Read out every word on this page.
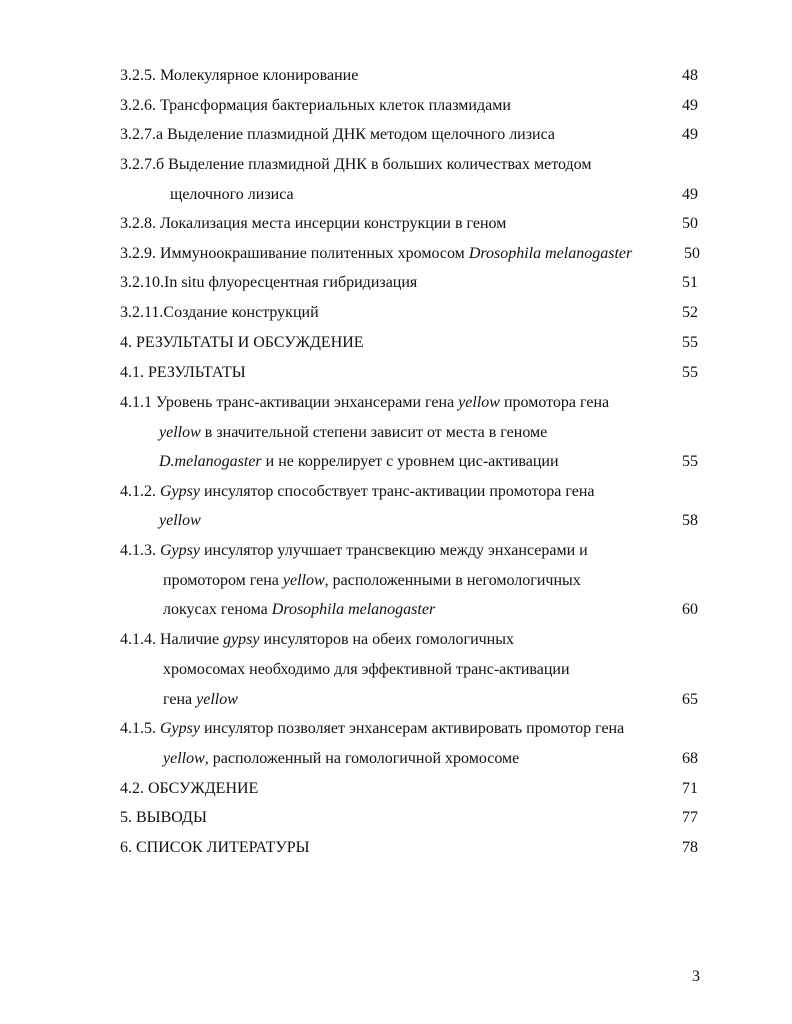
3.2.5. Молекулярное клонирование	48
3.2.6. Трансформация бактериальных клеток плазмидами	49
3.2.7.а Выделение плазмидной ДНК методом щелочного лизиса	49
3.2.7.б Выделение плазмидной ДНК в больших количествах методом
щелочного лизиса	49
3.2.8. Локализация места инсерции конструкции в геном	50
3.2.9. Иммуноокрашивание политенных хромосом Drosophila melanogaster	50
3.2.10.In situ флуоресцентная гибридизация	51
3.2.11.Создание конструкций	52
4. РЕЗУЛЬТАТЫ И ОБСУЖДЕНИЕ	55
4.1. РЕЗУЛЬТАТЫ	55
4.1.1 Уровень транс-активации энхансерами гена yellow промотора гена
yellow в значительной степени зависит от места в геноме
D.melanogaster и не коррелирует с уровнем цис-активации	55
4.1.2. Gypsy инсулятор способствует транс-активации промотора гена
yellow	58
4.1.3. Gypsy инсулятор улучшает трансвекцию между энхансерами и
промотором гена yellow, расположенными в негомологичных
локусах генома Drosophila melanogaster	60
4.1.4. Наличие gypsy инсуляторов на обеих гомологичных
хромосомах необходимо для эффективной транс-активации
гена yellow	65
4.1.5. Gypsy инсулятор позволяет энхансерам активировать промотор гена
yellow, расположенный на гомологичной хромосоме	68
4.2. ОБСУЖДЕНИЕ	71
5. ВЫВОДЫ	77
6. СПИСОК ЛИТЕРАТУРЫ	78
3
